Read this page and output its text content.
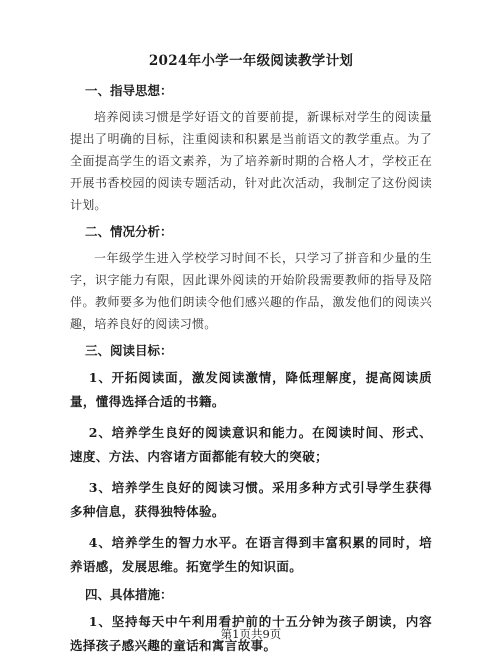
2024年小学一年级阅读教学计划
一、指导思想：

培养阅读习惯是学好语文的首要前提，新课标对学生的阅读量提出了明确的目标，注重阅读和积累是当前语文的教学重点。为了全面提高学生的语文素养，为了培养新时期的合格人才，学校正在开展书香校园的阅读专题活动，针对此次活动，我制定了这份阅读计划。

二、情况分析：

一年级学生进入学校学习时间不长，只学习了拼音和少量的生字，识字能力有限，因此课外阅读的开始阶段需要教师的指导及陪伴。教师要多为他们朗读令他们感兴趣的作品，激发他们的阅读兴趣，培养良好的阅读习惯。

三、阅读目标：

1、开拓阅读面，激发阅读激情，降低理解度，提高阅读质量，懂得选择合适的书籍。

2、培养学生良好的阅读意识和能力。在阅读时间、形式、速度、方法、内容诸方面都能有较大的突破；

3、培养学生良好的阅读习惯。采用多种方式引导学生获得多种信息，获得独特体验。

4、培养学生的智力水平。在语言得到丰富积累的同时，培养语感，发展思维。拓宽学生的知识面。

四、具体措施：

1、坚持每天中午利用看护前的十五分钟为孩子朗读，内容选择孩子感兴趣的童话和寓言故事。

第1页共9页
